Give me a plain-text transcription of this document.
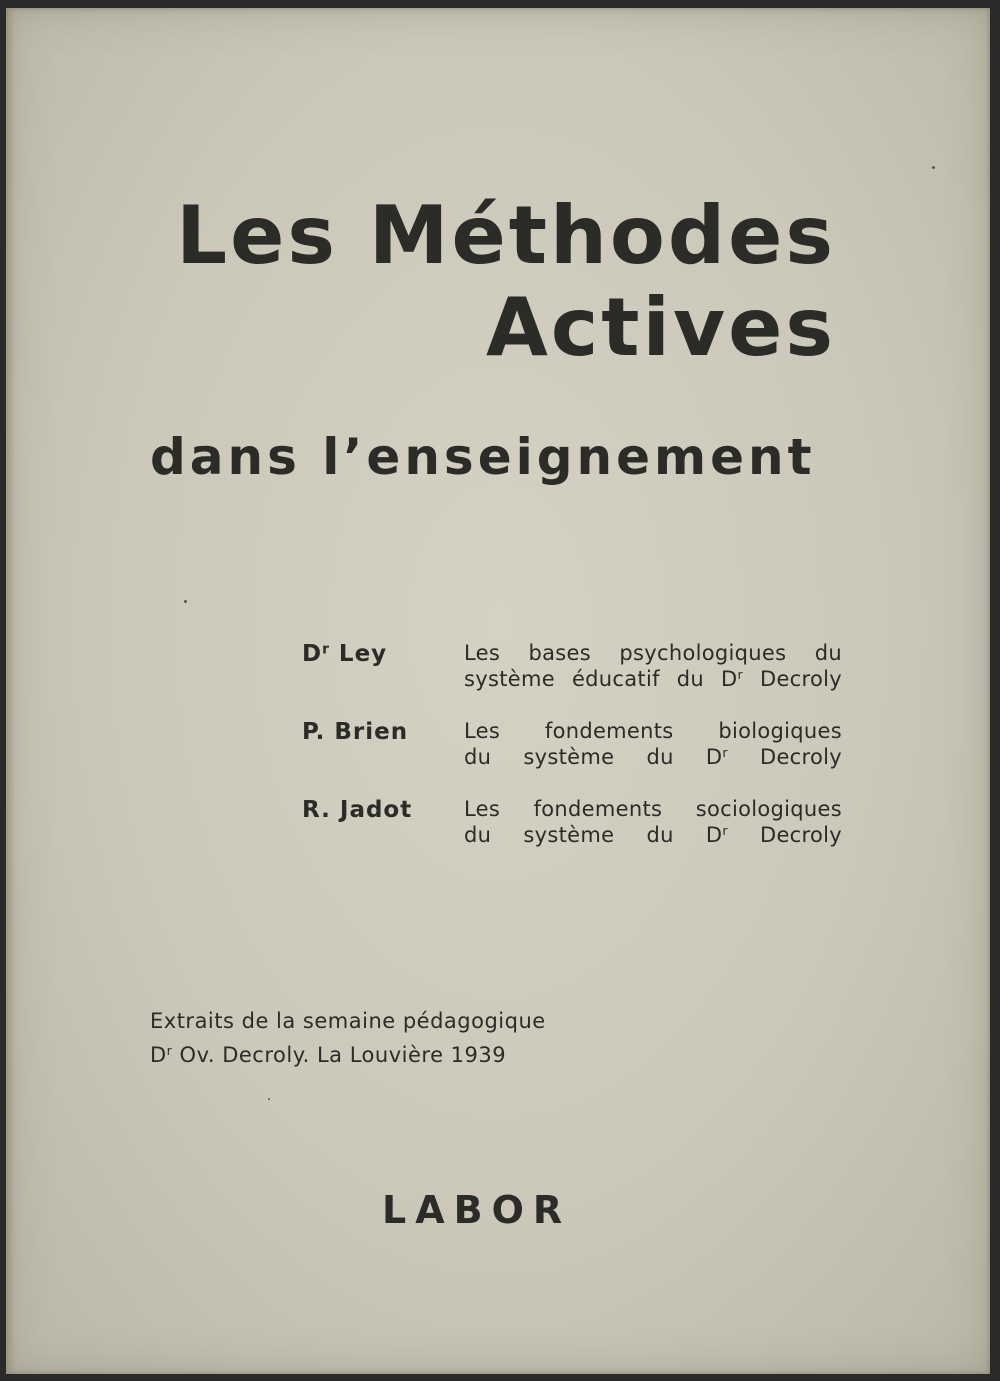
Les Méthodes
Actives
dans l’enseignement
$D^r$ Ley	Les bases psychologiques du
système éducatif du $D^r$ Decroly
P. Brien	Les fondements biologiques
du système du $D^r$ Decroly
R. Jadot	Les fondements sociologiques
du système du $D^r$ Decroly
Extraits de la semaine pédagogique
$D^r$ Ov. Decroly. La Louvière 1939
LABOR
